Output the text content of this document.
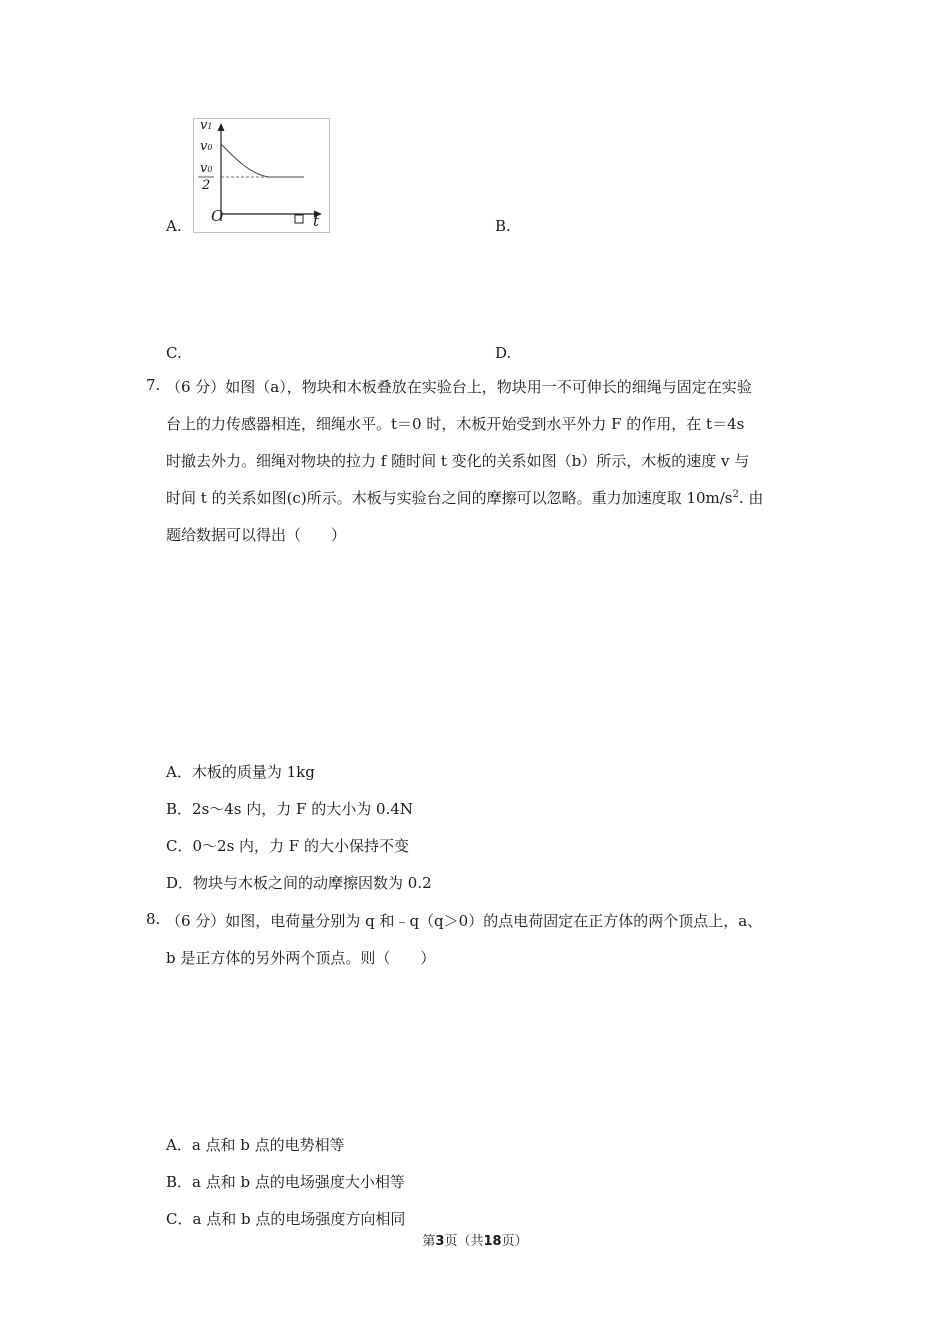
A.	B.
C.	D.
v1
v0
v0
2
O	t
7. （6 分）如图（a），物块和木板叠放在实验台上，物块用一不可伸长的细绳与固定在实验
台上的力传感器相连，细绳水平。t＝0 时，木板开始受到水平外力 F 的作用，在 t＝4s
时撤去外力。细绳对物块的拉力 f 随时间 t 变化的关系如图（b）所示，木板的速度 v 与
时间 t 的关系如图(c)所示。木板与实验台之间的摩擦可以忽略。重力加速度取 $10m/s^2$. 由
题给数据可以得出（　　）
A．木板的质量为 1kg
B．2s～4s 内，力 F 的大小为 0.4N
C．0～2s 内，力 F 的大小保持不变
D．物块与木板之间的动摩擦因数为 0.2
8. （6 分）如图，电荷量分别为 q 和﹣q（q＞0）的点电荷固定在正方体的两个顶点上，a、
b 是正方体的另外两个顶点。则（　　）
A．a 点和 b 点的电势相等
B．a 点和 b 点的电场强度大小相等
C．a 点和 b 点的电场强度方向相同
第3页（共18页）
